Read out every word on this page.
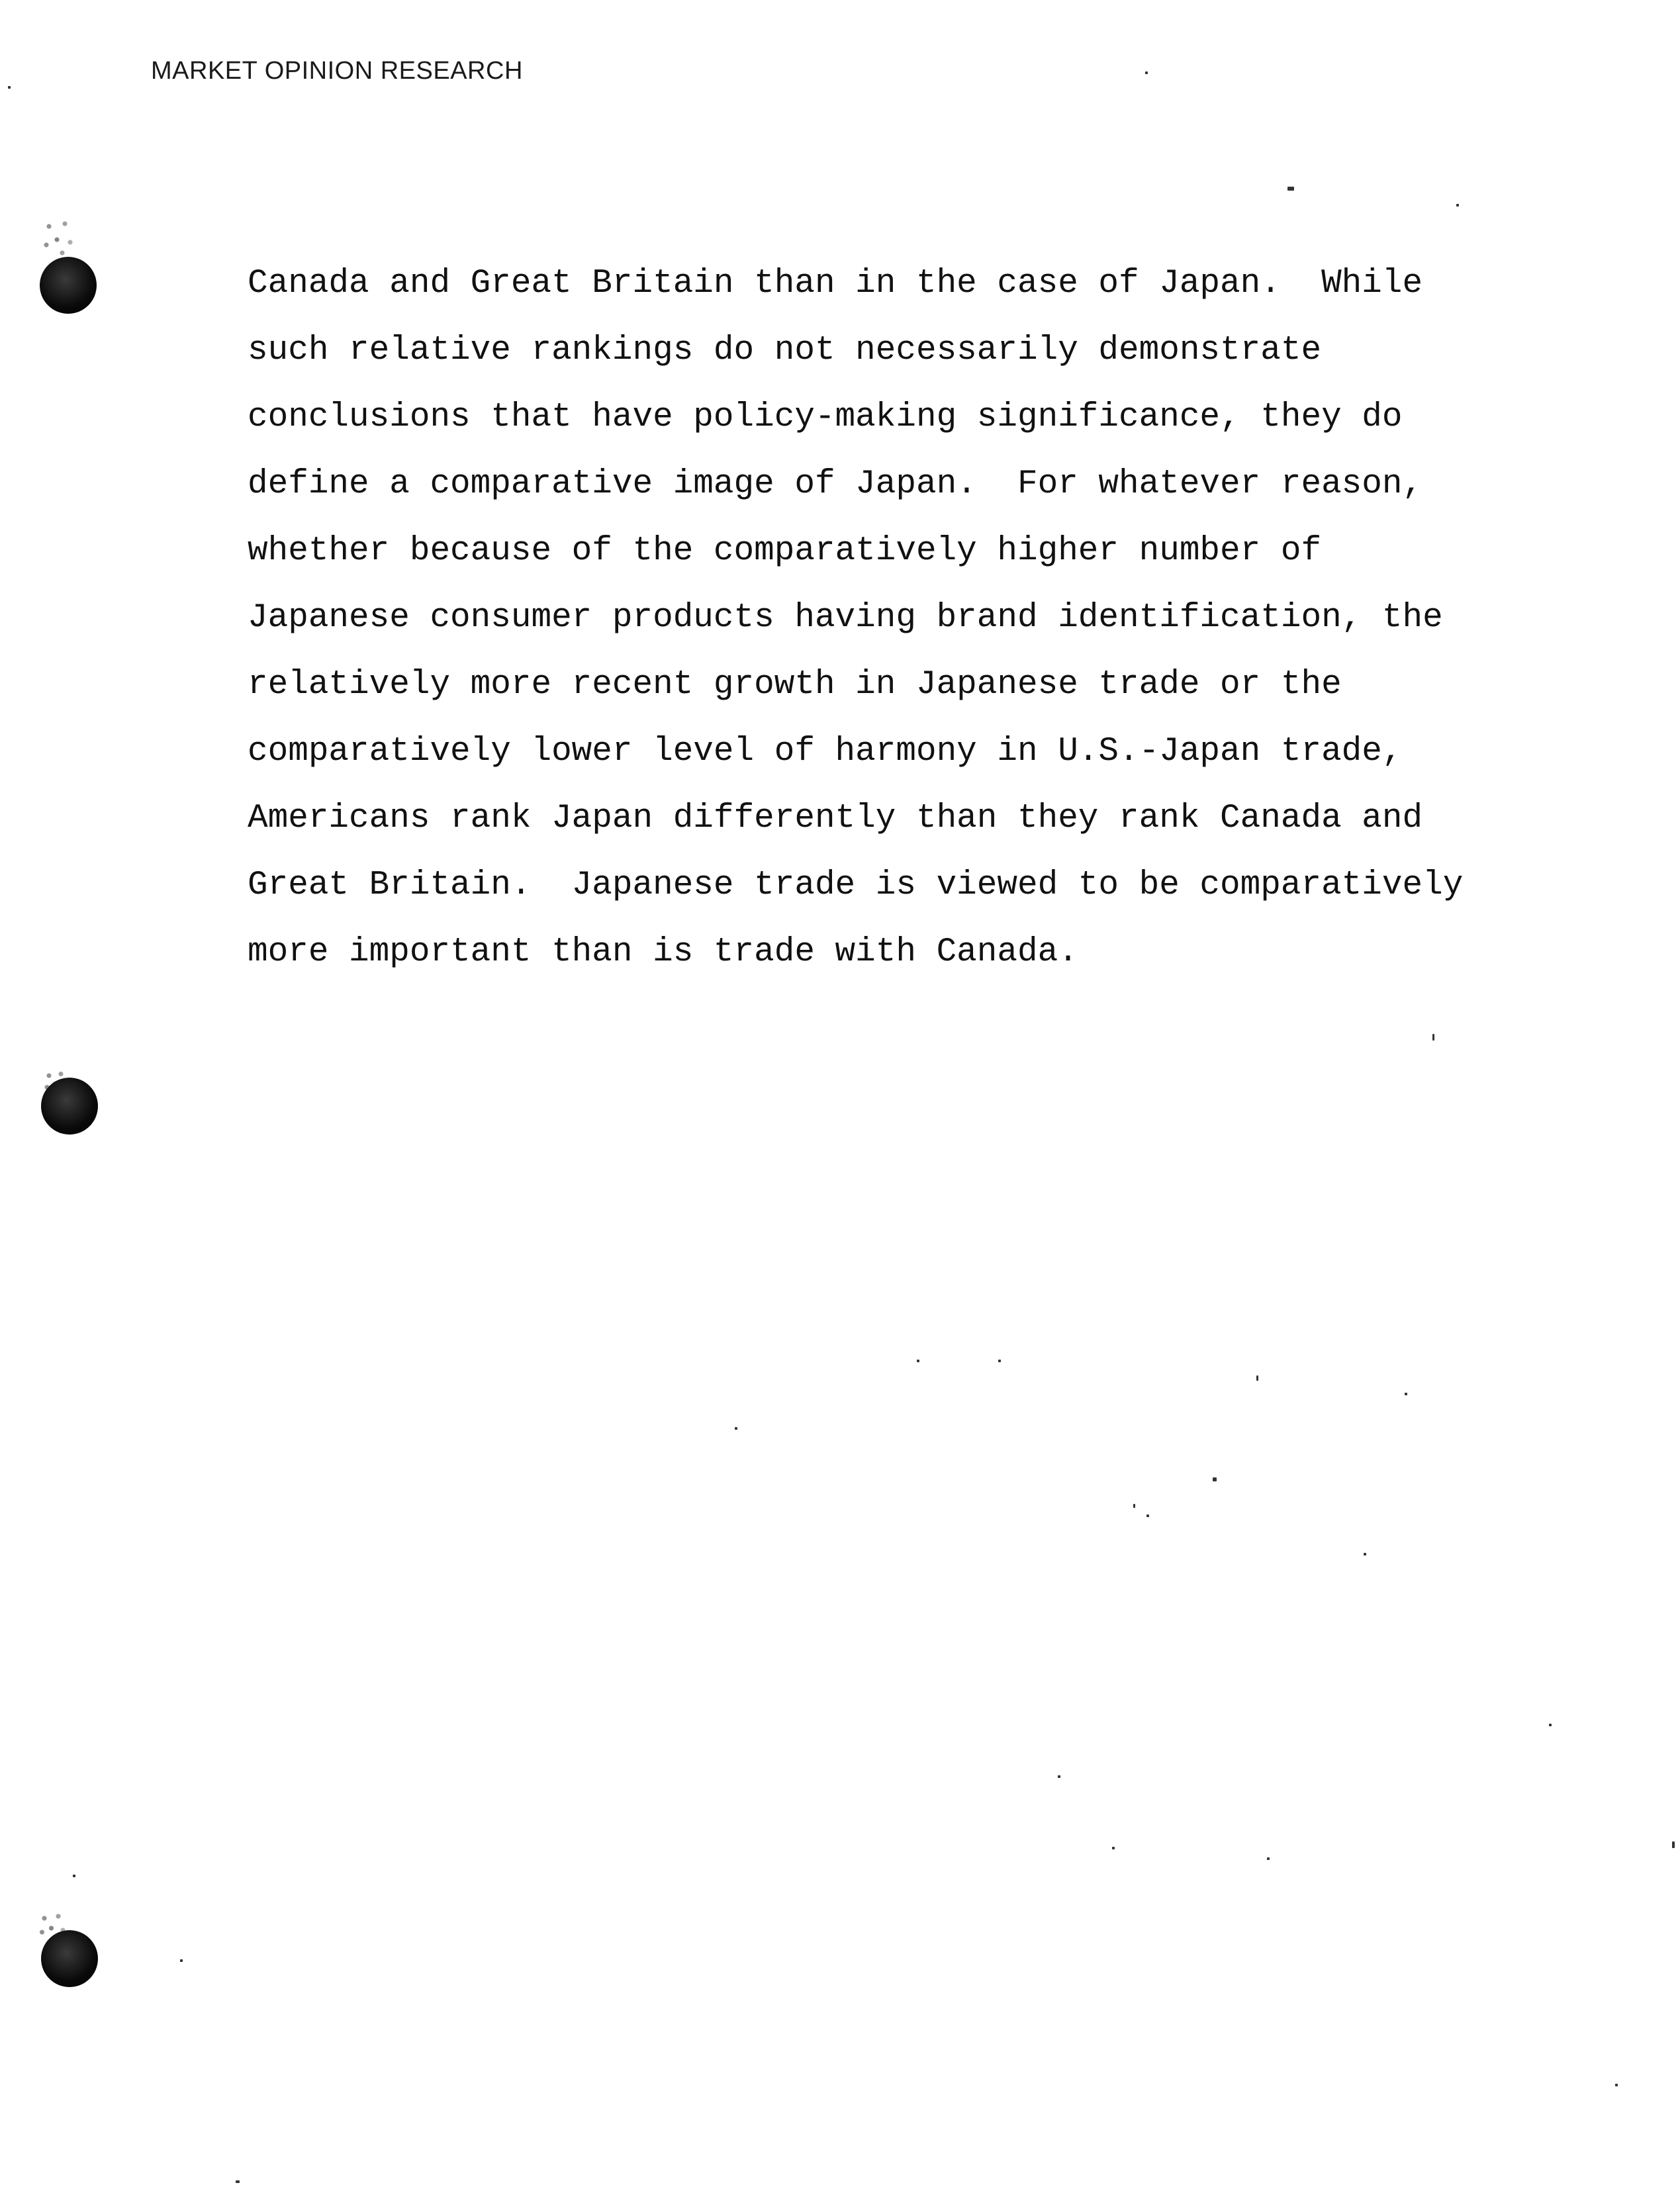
MARKET OPINION RESEARCH
Canada and Great Britain than in the case of Japan.  While
such relative rankings do not necessarily demonstrate
conclusions that have policy-making significance, they do
define a comparative image of Japan.  For whatever reason,
whether because of the comparatively higher number of
Japanese consumer products having brand identification, the
relatively more recent growth in Japanese trade or the
comparatively lower level of harmony in U.S.-Japan trade,
Americans rank Japan differently than they rank Canada and
Great Britain.  Japanese trade is viewed to be comparatively
more important than is trade with Canada.
